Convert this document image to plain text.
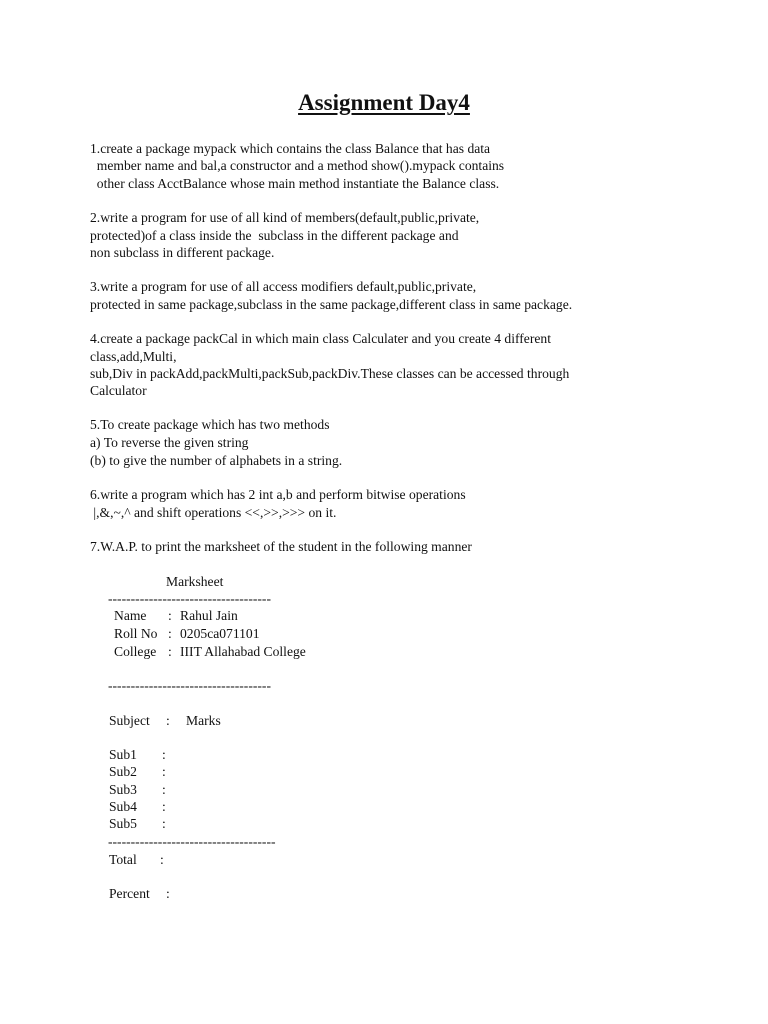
Assignment Day4
1.create a package mypack which contains the class Balance that has data
member name and bal,a constructor and a method show().mypack contains
other class AcctBalance whose main method instantiate the Balance class.
2.write a program for use of all kind of members(default,public,private,
protected)of a class inside the  subclass in the different package and
non subclass in different package.
3.write a program for use of all access modifiers default,public,private,
protected in same package,subclass in the same package,different class in same package.
4.create a package packCal in which main class Calculater and you create 4 different
class,add,Multi,
sub,Div in packAdd,packMulti,packSub,packDiv.These classes can be accessed through
Calculator
5.To create package which has two methods
a) To reverse the given string
(b) to give the number of alphabets in a string.
6.write a program which has 2 int a,b and perform bitwise operations
|,&,~,^ and shift operations <<,>>,>>> on it.
7.W.A.P. to print the marksheet of the student in the following manner
Marksheet
------------------------------------
Name : Rahul Jain
Roll No : 0205ca071101
College : IIIT Allahabad College
------------------------------------
Subject : Marks
Sub1 :
Sub2 :
Sub3 :
Sub4 :
Sub5 :
-------------------------------------
Total :
Percent :
